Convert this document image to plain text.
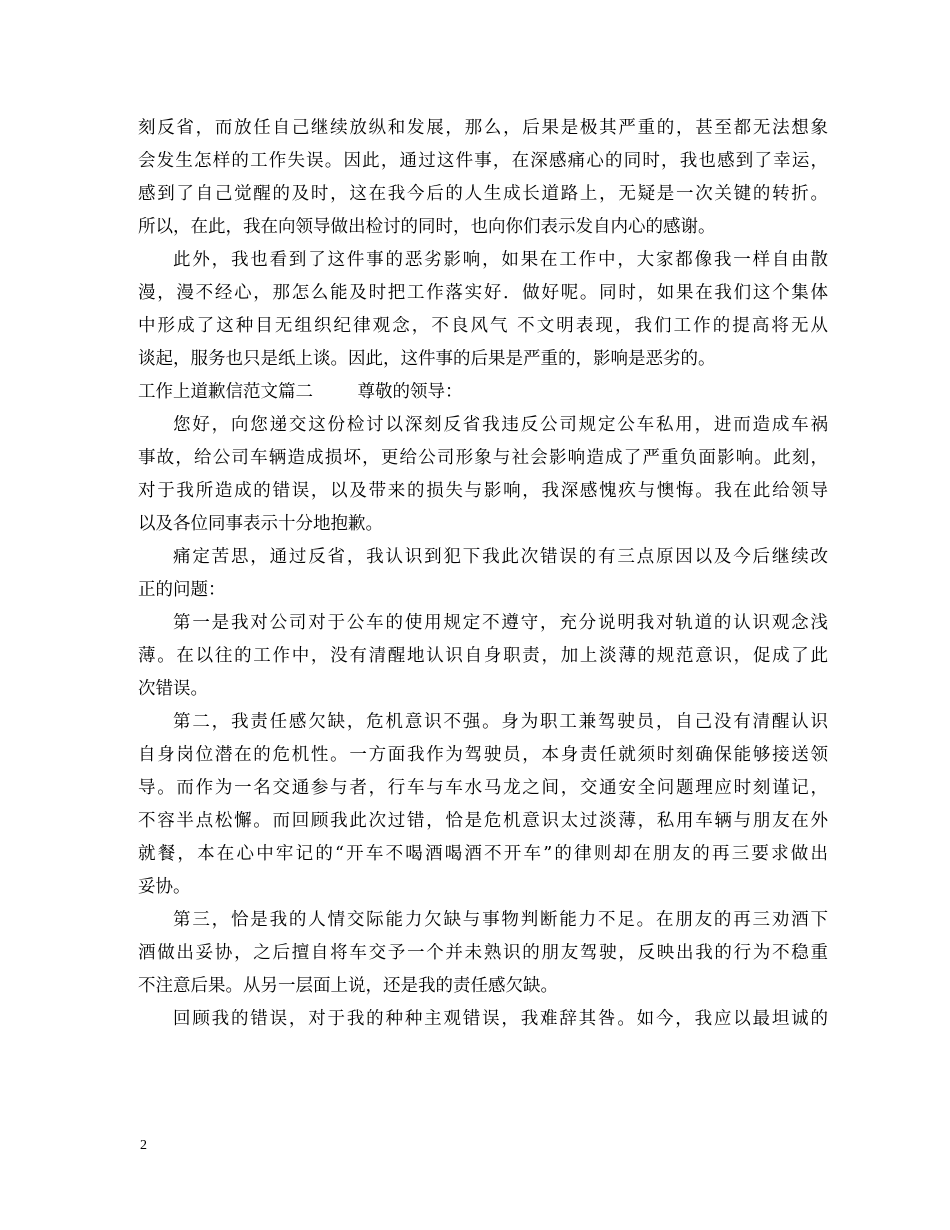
刻反省，而放任自己继续放纵和发展，那么，后果是极其严重的，甚至都无法想象
会发生怎样的工作失误。因此，通过这件事，在深感痛心的同时，我也感到了幸运，
感到了自己觉醒的及时，这在我今后的人生成长道路上，无疑是一次关键的转折。
所以，在此，我在向领导做出检讨的同时，也向你们表示发自内心的感谢。
此外，我也看到了这件事的恶劣影响，如果在工作中，大家都像我一样自由散
漫，漫不经心，那怎么能及时把工作落实好．做好呢。同时，如果在我们这个集体
中形成了这种目无组织纪律观念，不良风气 不文明表现，我们工作的提高将无从
谈起，服务也只是纸上谈。因此，这件事的后果是严重的，影响是恶劣的。
工作上道歉信范文篇二        尊敬的领导：
您好，向您递交这份检讨以深刻反省我违反公司规定公车私用，进而造成车祸
事故，给公司车辆造成损坏，更给公司形象与社会影响造成了严重负面影响。此刻，
对于我所造成的错误，以及带来的损失与影响，我深感愧疚与懊悔。我在此给领导
以及各位同事表示十分地抱歉。
痛定苦思，通过反省，我认识到犯下我此次错误的有三点原因以及今后继续改
正的问题：
第一是我对公司对于公车的使用规定不遵守，充分说明我对轨道的认识观念浅
薄。在以往的工作中，没有清醒地认识自身职责，加上淡薄的规范意识，促成了此
次错误。
第二，我责任感欠缺，危机意识不强。身为职工兼驾驶员，自己没有清醒认识
自身岗位潜在的危机性。一方面我作为驾驶员，本身责任就须时刻确保能够接送领
导。而作为一名交通参与者，行车与车水马龙之间，交通安全问题理应时刻谨记，
不容半点松懈。而回顾我此次过错，恰是危机意识太过淡薄，私用车辆与朋友在外
就餐，本在心中牢记的“开车不喝酒喝酒不开车”的律则却在朋友的再三要求做出
妥协。
第三，恰是我的人情交际能力欠缺与事物判断能力不足。在朋友的再三劝酒下
酒做出妥协，之后擅自将车交予一个并未熟识的朋友驾驶，反映出我的行为不稳重
不注意后果。从另一层面上说，还是我的责任感欠缺。
回顾我的错误，对于我的种种主观错误，我难辞其咎。如今，我应以最坦诚的
2
